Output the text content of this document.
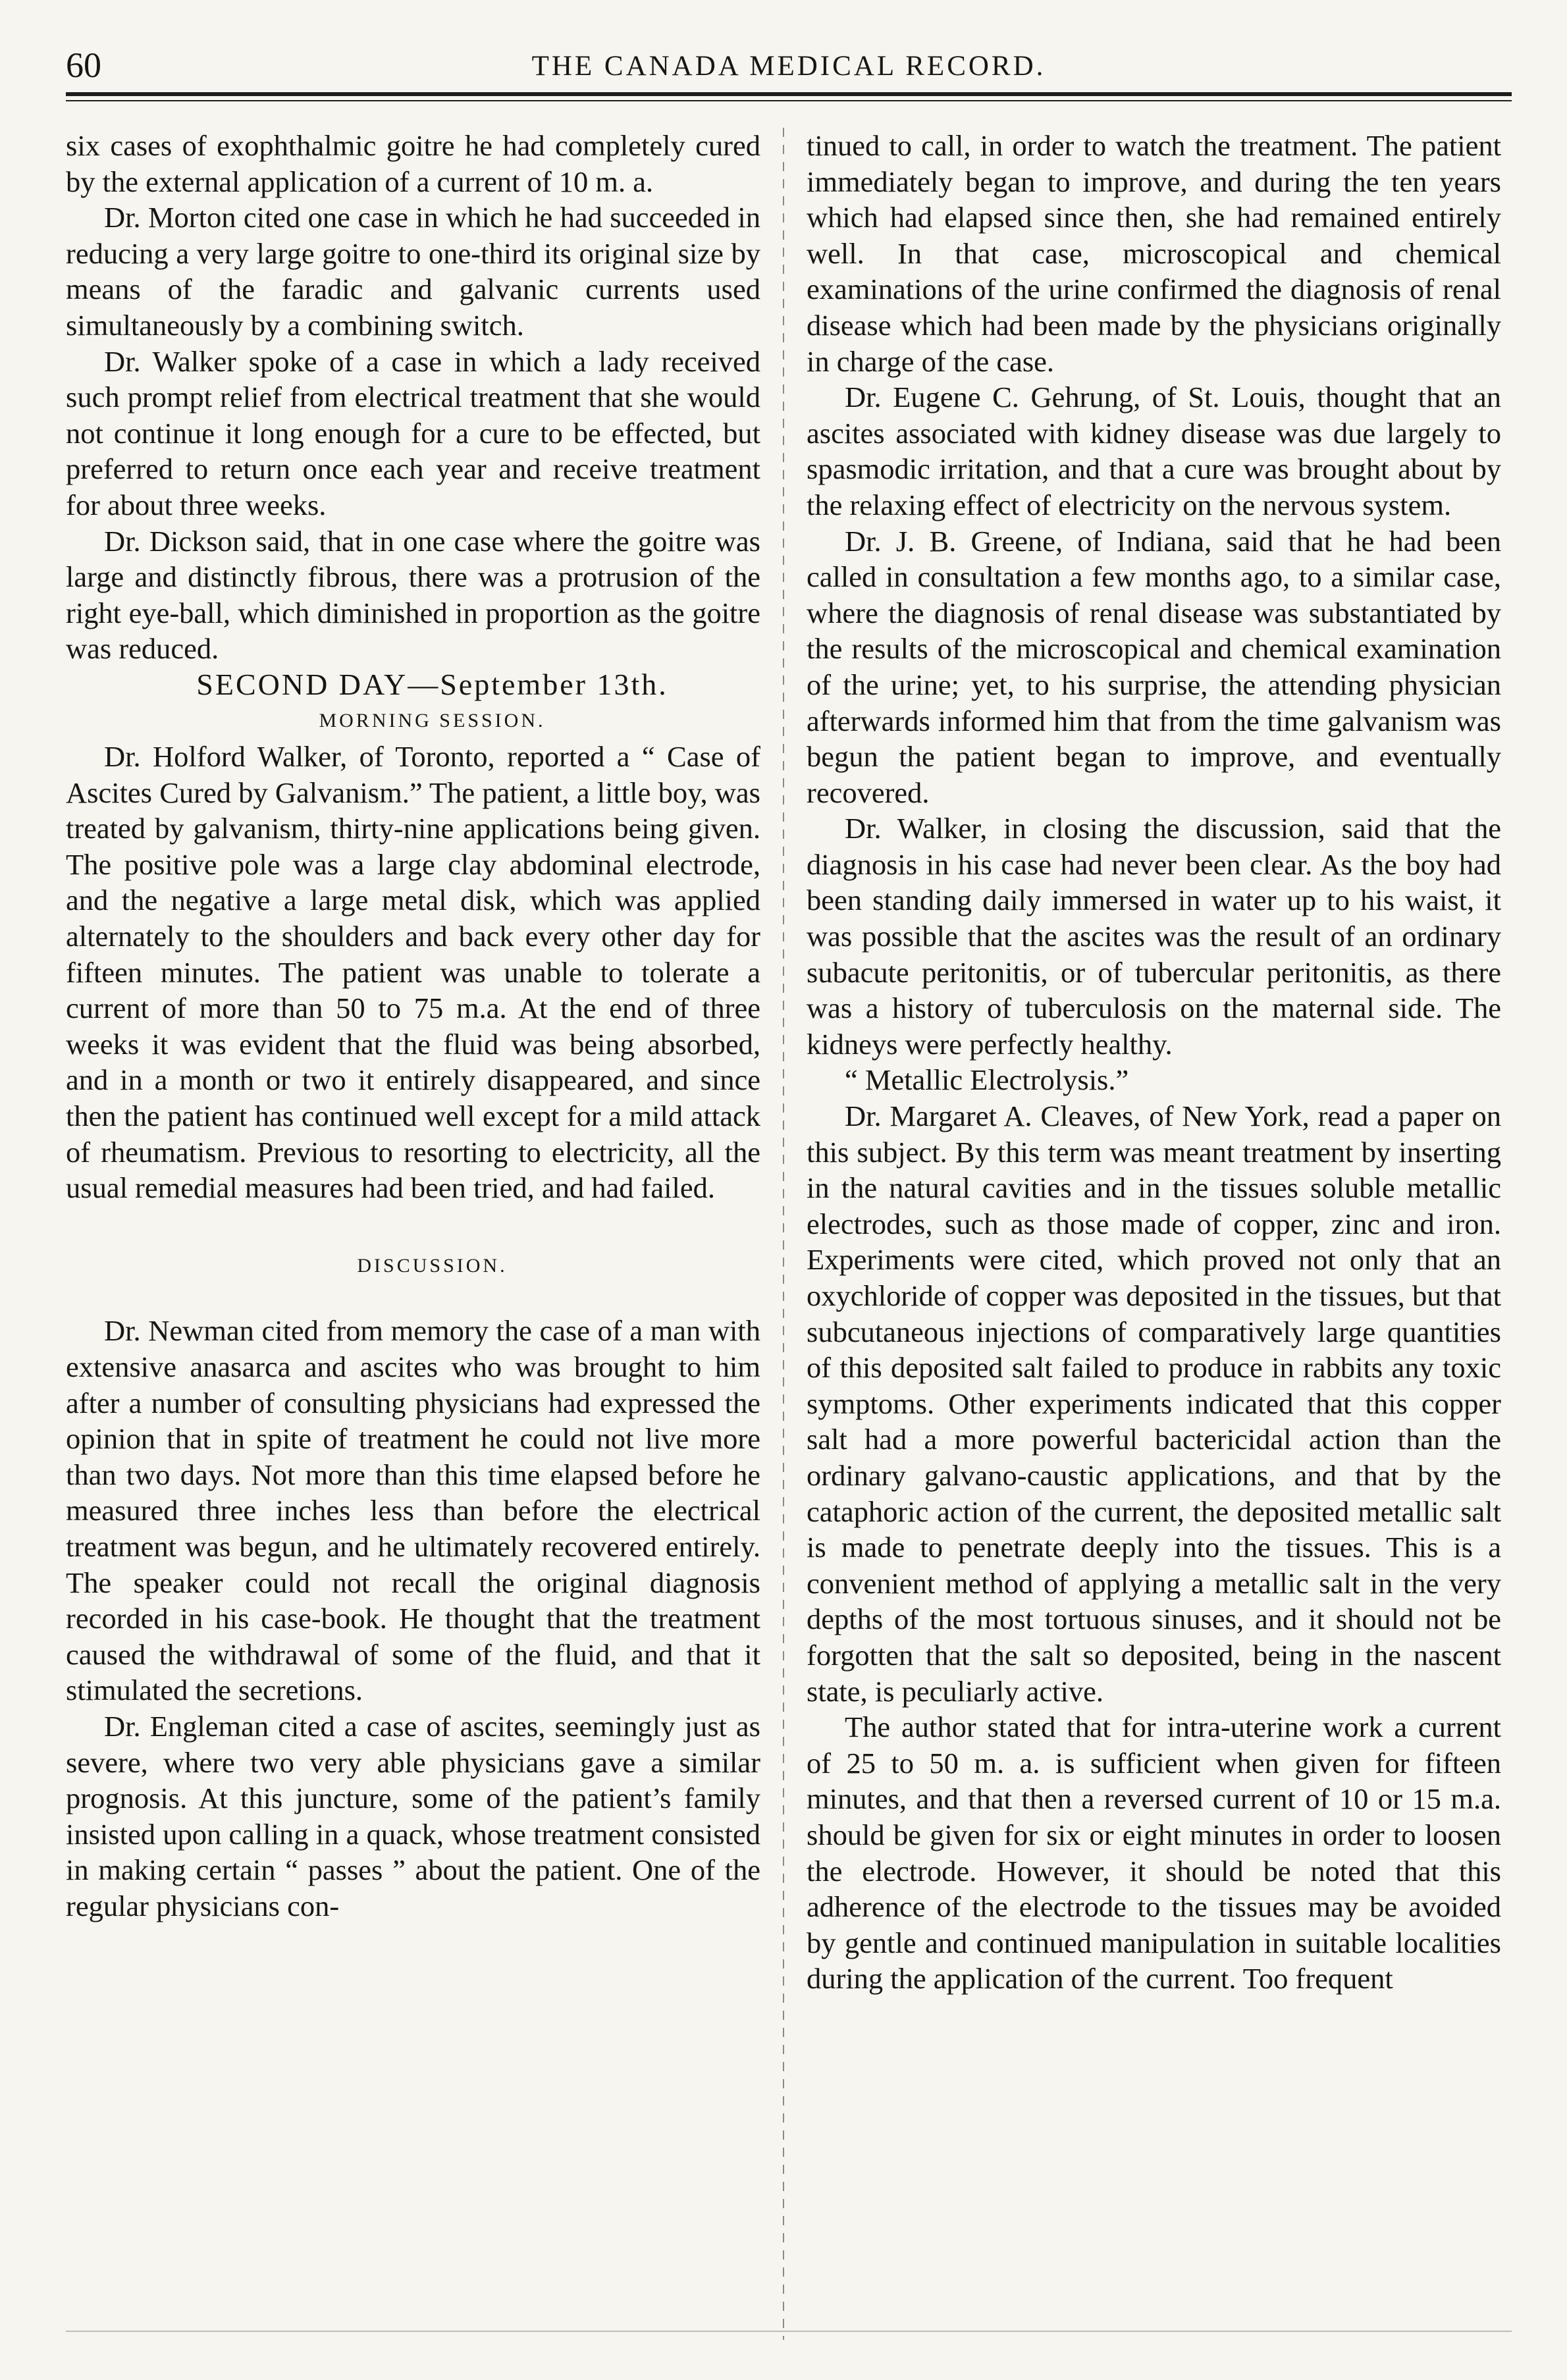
60	THE CANADA MEDICAL RECORD.

six cases of exophthalmic goitre he had completely cured by the external application of a current of 10 m. a.

Dr. Morton cited one case in which he had succeeded in reducing a very large goitre to one-third its original size by means of the faradic and galvanic currents used simultaneously by a combining switch.

Dr. Walker spoke of a case in which a lady received such prompt relief from electrical treatment that she would not continue it long enough for a cure to be effected, but preferred to return once each year and receive treatment for about three weeks.

Dr. Dickson said, that in one case where the goitre was large and distinctly fibrous, there was a protrusion of the right eye-ball, which diminished in proportion as the goitre was reduced.

SECOND DAY—September 13th.

MORNING SESSION.

Dr. Holford Walker, of Toronto, reported a “ Case of Ascites Cured by Galvanism.” The patient, a little boy, was treated by galvanism, thirty-nine applications being given. The positive pole was a large clay abdominal electrode, and the negative a large metal disk, which was applied alternately to the shoulders and back every other day for fifteen minutes. The patient was unable to tolerate a current of more than 50 to 75 m.a. At the end of three weeks it was evident that the fluid was being absorbed, and in a month or two it entirely disappeared, and since then the patient has continued well except for a mild attack of rheumatism. Previous to resorting to electricity, all the usual remedial measures had been tried, and had failed.

DISCUSSION.

Dr. Newman cited from memory the case of a man with extensive anasarca and ascites who was brought to him after a number of consulting physicians had expressed the opinion that in spite of treatment he could not live more than two days. Not more than this time elapsed before he measured three inches less than before the electrical treatment was begun, and he ultimately recovered entirely. The speaker could not recall the original diagnosis recorded in his case-book. He thought that the treatment caused the withdrawal of some of the fluid, and that it stimulated the secretions.

Dr. Engleman cited a case of ascites, seemingly just as severe, where two very able physicians gave a similar prognosis. At this juncture, some of the patient’s family insisted upon calling in a quack, whose treatment consisted in making certain “ passes ” about the patient. One of the regular physicians con-

tinued to call, in order to watch the treatment. The patient immediately began to improve, and during the ten years which had elapsed since then, she had remained entirely well. In that case, microscopical and chemical examinations of the urine confirmed the diagnosis of renal disease which had been made by the physicians originally in charge of the case.

Dr. Eugene C. Gehrung, of St. Louis, thought that an ascites associated with kidney disease was due largely to spasmodic irritation, and that a cure was brought about by the relaxing effect of electricity on the nervous system.

Dr. J. B. Greene, of Indiana, said that he had been called in consultation a few months ago, to a similar case, where the diagnosis of renal disease was substantiated by the results of the microscopical and chemical examination of the urine; yet, to his surprise, the attending physician afterwards informed him that from the time galvanism was begun the patient began to improve, and eventually recovered.

Dr. Walker, in closing the discussion, said that the diagnosis in his case had never been clear. As the boy had been standing daily immersed in water up to his waist, it was possible that the ascites was the result of an ordinary subacute peritonitis, or of tubercular peritonitis, as there was a history of tuberculosis on the maternal side. The kidneys were perfectly healthy.

“ Metallic Electrolysis.”

Dr. Margaret A. Cleaves, of New York, read a paper on this subject. By this term was meant treatment by inserting in the natural cavities and in the tissues soluble metallic electrodes, such as those made of copper, zinc and iron. Experiments were cited, which proved not only that an oxychloride of copper was deposited in the tissues, but that subcutaneous injections of comparatively large quantities of this deposited salt failed to produce in rabbits any toxic symptoms. Other experiments indicated that this copper salt had a more powerful bactericidal action than the ordinary galvano-caustic applications, and that by the cataphoric action of the current, the deposited metallic salt is made to penetrate deeply into the tissues. This is a convenient method of applying a metallic salt in the very depths of the most tortuous sinuses, and it should not be forgotten that the salt so deposited, being in the nascent state, is peculiarly active.

The author stated that for intra-uterine work a current of 25 to 50 m. a. is sufficient when given for fifteen minutes, and that then a reversed current of 10 or 15 m.a. should be given for six or eight minutes in order to loosen the electrode. However, it should be noted that this adherence of the electrode to the tissues may be avoided by gentle and continued manipulation in suitable localities during the application of the current. Too frequent
